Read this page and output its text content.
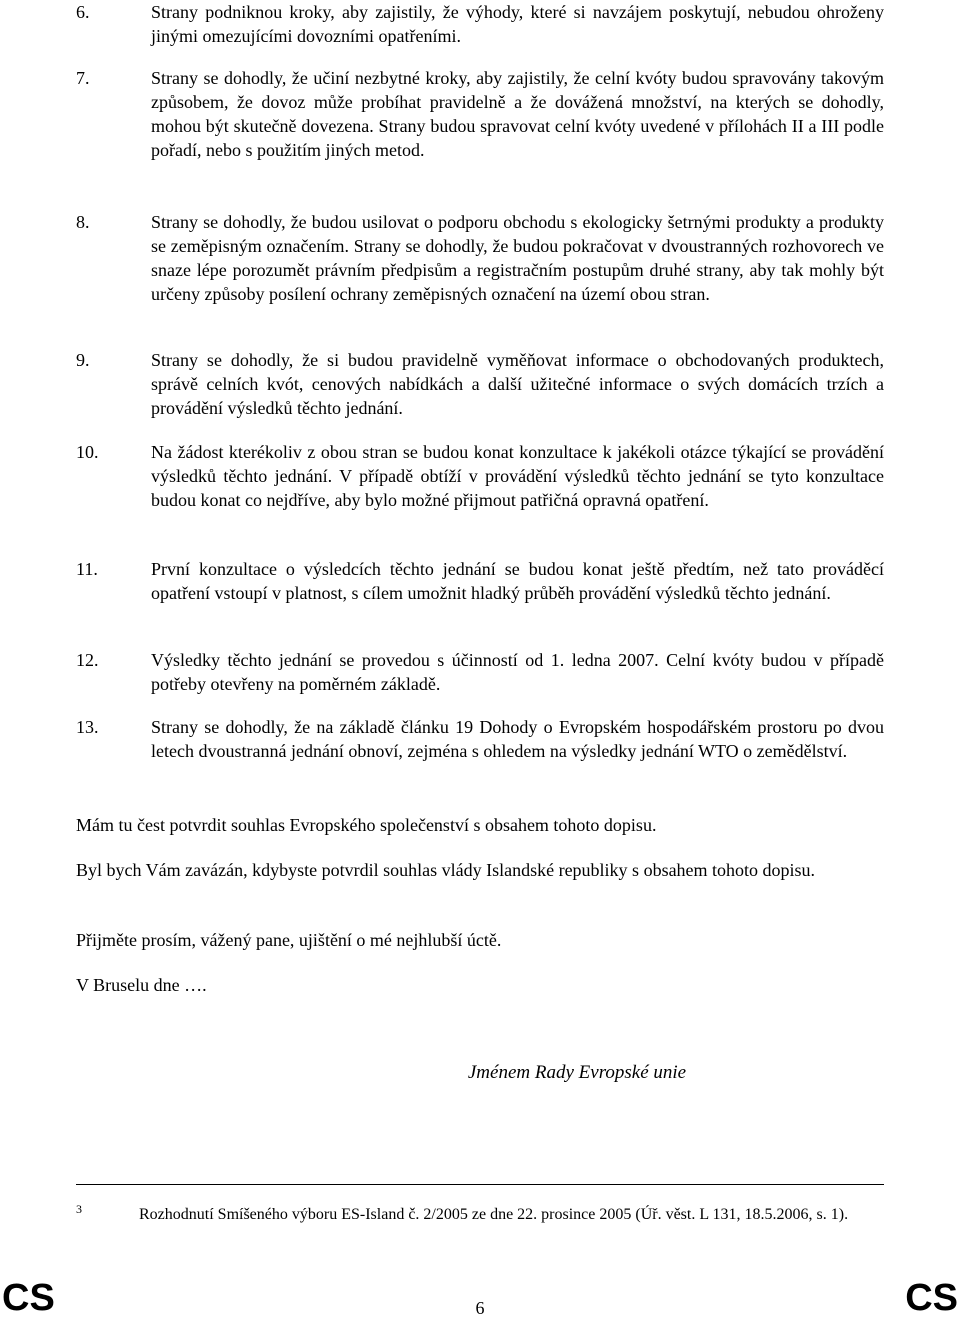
6.	Strany podniknou kroky, aby zajistily, že výhody, které si navzájem poskytují, nebudou ohroženy jinými omezujícími dovozními opatřeními.
7.	Strany se dohodly, že učiní nezbytné kroky, aby zajistily, že celní kvóty budou spravovány takovým způsobem, že dovoz může probíhat pravidelně a že dovážená množství, na kterých se dohodly, mohou být skutečně dovezena. Strany budou spravovat celní kvóty uvedené v přílohách II a III podle pořadí, nebo s použitím jiných metod.
8.	Strany se dohodly, že budou usilovat o podporu obchodu s ekologicky šetrnými produkty a produkty se zeměpisným označením. Strany se dohodly, že budou pokračovat v dvoustranných rozhovorech ve snaze lépe porozumět právním předpisům a registračním postupům druhé strany, aby tak mohly být určeny způsoby posílení ochrany zeměpisných označení na území obou stran.
9.	Strany se dohodly, že si budou pravidelně vyměňovat informace o obchodovaných produktech, správě celních kvót, cenových nabídkách a další užitečné informace o svých domácích trzích a provádění výsledků těchto jednání.
10.	Na žádost kterékoliv z obou stran se budou konat konzultace k jakékoli otázce týkající se provádění výsledků těchto jednání. V případě obtíží v provádění výsledků těchto jednání se tyto konzultace budou konat co nejdříve, aby bylo možné přijmout patřičná opravná opatření.
11.	První konzultace o výsledcích těchto jednání se budou konat ještě předtím, než tato prováděcí opatření vstoupí v platnost, s cílem umožnit hladký průběh provádění výsledků těchto jednání.
12.	Výsledky těchto jednání se provedou s účinností od 1. ledna 2007. Celní kvóty budou v případě potřeby otevřeny na poměrném základě.
13.	Strany se dohodly, že na základě článku 19 Dohody o Evropském hospodářském prostoru po dvou letech dvoustranná jednání obnoví, zejména s ohledem na výsledky jednání WTO o zemědělství.
Mám tu čest potvrdit souhlas Evropského společenství s obsahem tohoto dopisu.
Byl bych Vám zavázán, kdybyste potvrdil souhlas vlády Islandské republiky s obsahem tohoto dopisu.
Přijměte prosím, vážený pane, ujištění o mé nejhlubší úctě.
V Bruselu dne ….
Jménem Rady Evropské unie
3	Rozhodnutí Smíšeného výboru ES-Island č. 2/2005 ze dne 22. prosince 2005 (Úř. věst. L 131, 18.5.2006, s. 1).
CS	6	CS
